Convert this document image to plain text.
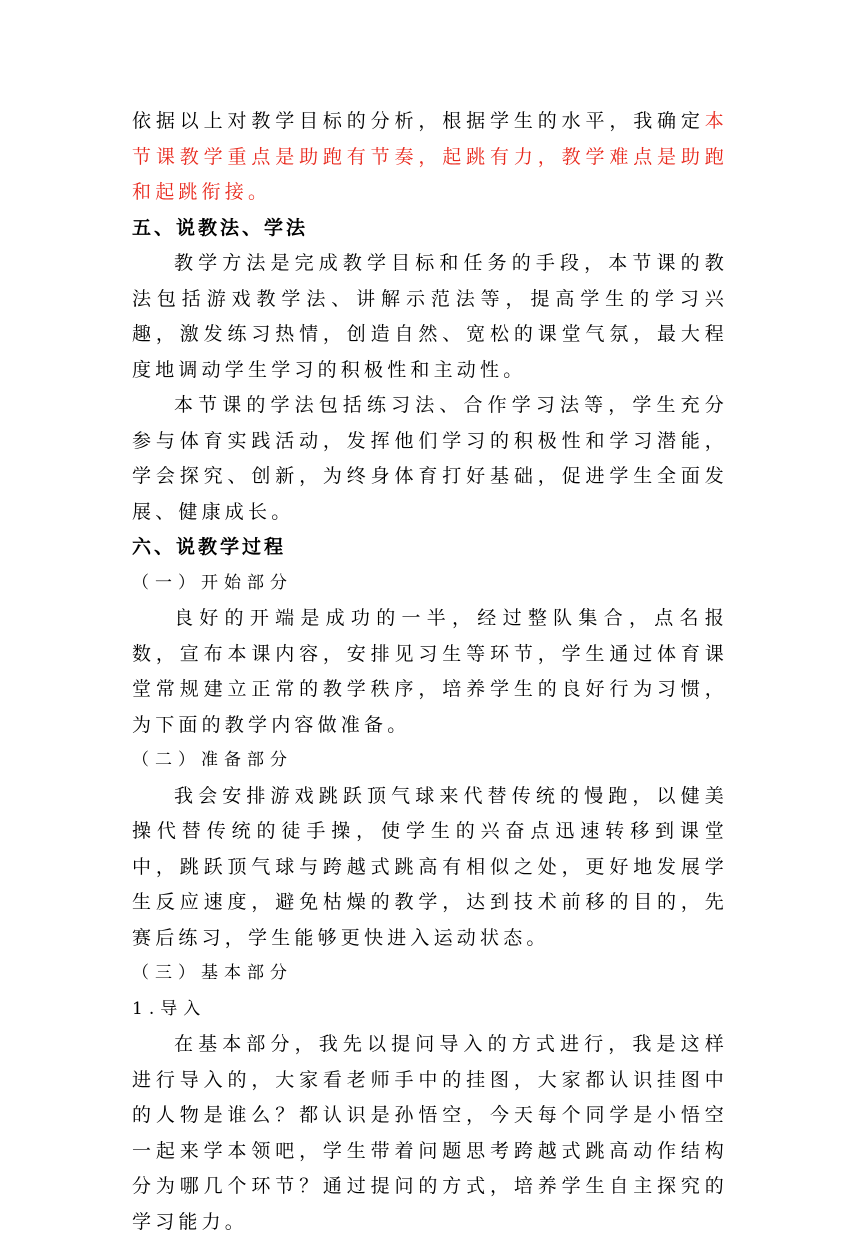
依据以上对教学目标的分析，根据学生的水平，我确定本节课教学重点是助跑有节奏，起跳有力，教学难点是助跑和起跳衔接。

五、说教法、学法

教学方法是完成教学目标和任务的手段，本节课的教法包括游戏教学法、讲解示范法等，提高学生的学习兴趣，激发练习热情，创造自然、宽松的课堂气氛，最大程度地调动学生学习的积极性和主动性。

本节课的学法包括练习法、合作学习法等，学生充分参与体育实践活动，发挥他们学习的积极性和学习潜能，学会探究、创新，为终身体育打好基础，促进学生全面发展、健康成长。

六、说教学过程

（一）开始部分

良好的开端是成功的一半，经过整队集合，点名报数，宣布本课内容，安排见习生等环节，学生通过体育课堂常规建立正常的教学秩序，培养学生的良好行为习惯，为下面的教学内容做准备。

（二）准备部分

我会安排游戏跳跃顶气球来代替传统的慢跑，以健美操代替传统的徒手操，使学生的兴奋点迅速转移到课堂中，跳跃顶气球与跨越式跳高有相似之处，更好地发展学生反应速度，避免枯燥的教学，达到技术前移的目的，先赛后练习，学生能够更快进入运动状态。

（三）基本部分

1.导入

在基本部分，我先以提问导入的方式进行，我是这样进行导入的，大家看老师手中的挂图，大家都认识挂图中的人物是谁么？都认识是孙悟空，今天每个同学是小悟空一起来学本领吧，学生带着问题思考跨越式跳高动作结构分为哪几个环节？通过提问的方式，培养学生自主探究的学习能力。
